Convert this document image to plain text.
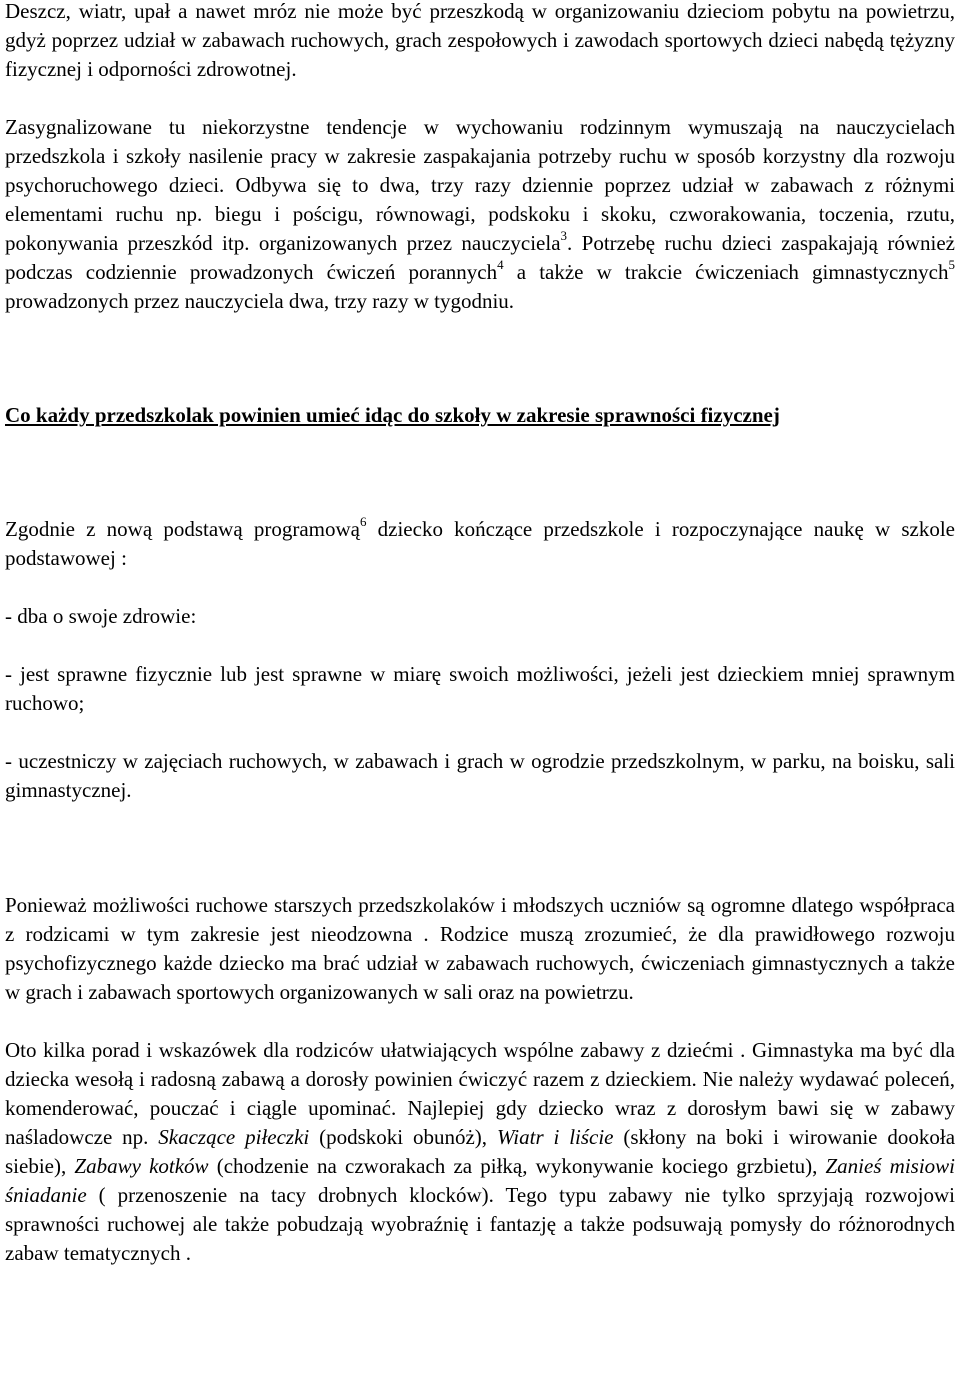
Deszcz, wiatr, upał a nawet mróz nie może być przeszkodą w organizowaniu dzieciom pobytu na powietrzu, gdyż poprzez udział w zabawach ruchowych, grach zespołowych i zawodach sportowych dzieci nabędą tężyzny fizycznej i odporności zdrowotnej.

Zasygnalizowane tu niekorzystne tendencje w wychowaniu rodzinnym wymuszają na nauczycielach przedszkola i szkoły nasilenie pracy w zakresie zaspakajania potrzeby ruchu w sposób korzystny dla rozwoju psychoruchowego dzieci. Odbywa się to dwa, trzy razy dziennie poprzez udział w zabawach z różnymi elementami ruchu np. biegu i pościgu, równowagi, podskoku i skoku, czworakowania, toczenia, rzutu, pokonywania przeszkód itp. organizowanych przez nauczyciela$^3$. Potrzebę ruchu dzieci zaspakajają również podczas codziennie prowadzonych ćwiczeń porannych$^4$ a także w trakcie ćwiczeniach gimnastycznych$^5$ prowadzonych przez nauczyciela dwa, trzy razy w tygodniu.

Co każdy przedszkolak powinien umieć idąc do szkoły w zakresie sprawności fizycznej

Zgodnie z nową podstawą programową$^6$ dziecko kończące przedszkole i rozpoczynające naukę w szkole podstawowej :

- dba o swoje zdrowie:

- jest sprawne fizycznie lub jest sprawne w miarę swoich możliwości, jeżeli jest dzieckiem mniej sprawnym ruchowo;

- uczestniczy w zajęciach ruchowych, w zabawach i grach w ogrodzie przedszkolnym, w parku, na boisku, sali gimnastycznej.

Ponieważ możliwości ruchowe starszych przedszkolaków i młodszych uczniów są ogromne dlatego współpraca z rodzicami w tym zakresie jest nieodzowna . Rodzice muszą zrozumieć, że dla prawidłowego rozwoju psychofizycznego każde dziecko ma brać udział w zabawach ruchowych, ćwiczeniach gimnastycznych a także w grach i zabawach sportowych organizowanych w sali oraz na powietrzu.

Oto kilka porad i wskazówek dla rodziców ułatwiających wspólne zabawy z dziećmi . Gimnastyka ma być dla dziecka wesołą i radosną zabawą a dorosły powinien ćwiczyć razem z dzieckiem. Nie należy wydawać poleceń, komenderować, pouczać i ciągle upominać. Najlepiej gdy dziecko wraz z dorosłym bawi się w zabawy naśladowcze np. Skaczące piłeczki (podskoki obunóż), Wiatr i liście (skłony na boki i wirowanie dookoła siebie), Zabawy kotków (chodzenie na czworakach za piłką, wykonywanie kociego grzbietu), Zanieś misiowi śniadanie ( przenoszenie na tacy drobnych klocków). Tego typu zabawy nie tylko sprzyjają rozwojowi sprawności ruchowej ale także pobudzają wyobraźnię i fantazję a także podsuwają pomysły do różnorodnych zabaw tematycznych .
